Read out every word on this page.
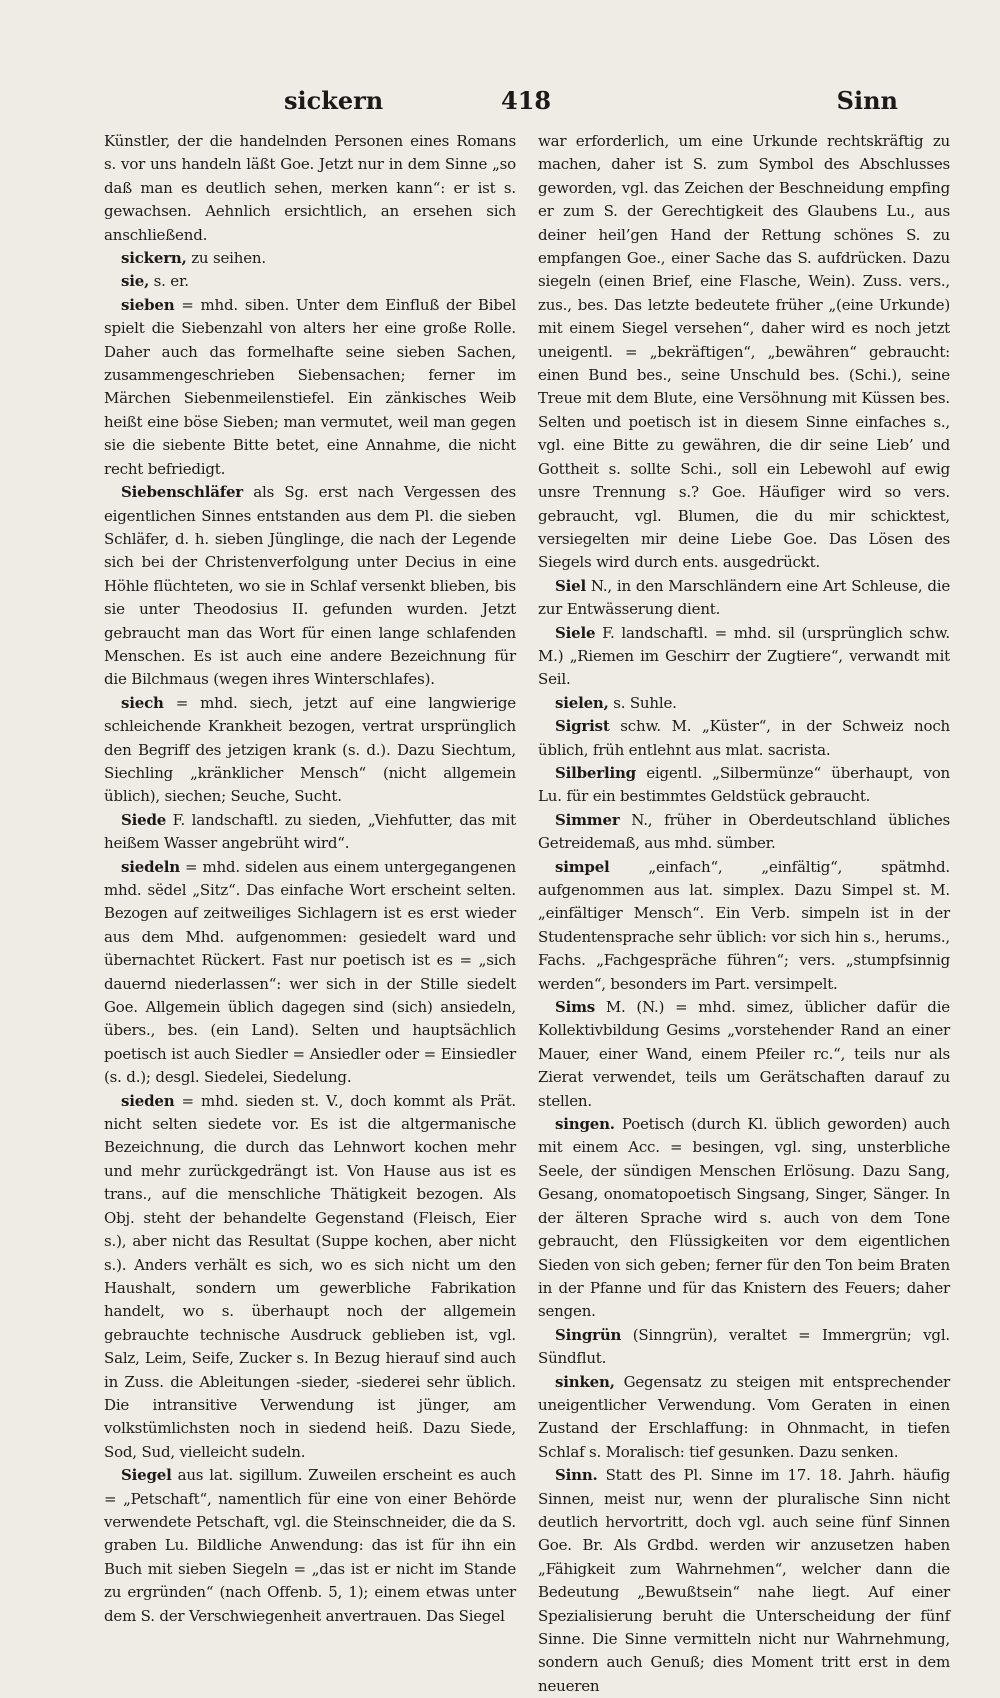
sickern	418	Sinn

Künstler, der die handelnden Personen eines Romans s. vor uns handeln läßt Goe. Jetzt nur in dem Sinne „so daß man es deutlich sehen, merken kann“: er ist s. gewachsen. Aehnlich ersichtlich, an ersehen sich anschließend.

sickern, zu seihen.

sie, s. er.

sieben = mhd. siben. Unter dem Einfluß der Bibel spielt die Siebenzahl von alters her eine große Rolle. Daher auch das formelhafte seine sieben Sachen, zusammengeschrieben Siebensachen; ferner im Märchen Siebenmeilenstiefel. Ein zänkisches Weib heißt eine böse Sieben; man vermutet, weil man gegen sie die siebente Bitte betet, eine Annahme, die nicht recht befriedigt.

Siebenschläfer als Sg. erst nach Vergessen des eigentlichen Sinnes entstanden aus dem Pl. die sieben Schläfer, d. h. sieben Jünglinge, die nach der Legende sich bei der Christenverfolgung unter Decius in eine Höhle flüchteten, wo sie in Schlaf versenkt blieben, bis sie unter Theodosius II. gefunden wurden. Jetzt gebraucht man das Wort für einen lange schlafenden Menschen. Es ist auch eine andere Bezeichnung für die Bilchmaus (wegen ihres Winterschlafes).

siech = mhd. siech, jetzt auf eine langwierige schleichende Krankheit bezogen, vertrat ursprünglich den Begriff des jetzigen krank (s. d.). Dazu Siechtum, Siechling „kränklicher Mensch“ (nicht allgemein üblich), siechen; Seuche, Sucht.

Siede F. landschaftl. zu sieden, „Viehfutter, das mit heißem Wasser angebrüht wird“.

siedeln = mhd. sidelen aus einem untergegangenen mhd. sëdel „Sitz“. Das einfache Wort erscheint selten. Bezogen auf zeitweiliges Sichlagern ist es erst wieder aus dem Mhd. aufgenommen: gesiedelt ward und übernachtet Rückert. Fast nur poetisch ist es = „sich dauernd niederlassen“: wer sich in der Stille siedelt Goe. Allgemein üblich dagegen sind (sich) ansiedeln, übers., bes. (ein Land). Selten und hauptsächlich poetisch ist auch Siedler = Ansiedler oder = Einsiedler (s. d.); desgl. Siedelei, Siedelung.

sieden = mhd. sieden st. V., doch kommt als Prät. nicht selten siedete vor. Es ist die altgermanische Bezeichnung, die durch das Lehnwort kochen mehr und mehr zurückgedrängt ist. Von Hause aus ist es trans., auf die menschliche Thätigkeit bezogen. Als Obj. steht der behandelte Gegenstand (Fleisch, Eier s.), aber nicht das Resultat (Suppe kochen, aber nicht s.). Anders verhält es sich, wo es sich nicht um den Haushalt, sondern um gewerbliche Fabrikation handelt, wo s. überhaupt noch der allgemein gebrauchte technische Ausdruck geblieben ist, vgl. Salz, Leim, Seife, Zucker s. In Bezug hierauf sind auch in Zuss. die Ableitungen -sieder, -siederei sehr üblich. Die intransitive Verwendung ist jünger, am volkstümlichsten noch in siedend heiß. Dazu Siede, Sod, Sud, vielleicht sudeln.

Siegel aus lat. sigillum. Zuweilen erscheint es auch = „Petschaft“, namentlich für eine von einer Behörde verwendete Petschaft, vgl. die Steinschneider, die da S. graben Lu. Bildliche Anwendung: das ist für ihn ein Buch mit sieben Siegeln = „das ist er nicht im Stande zu ergründen“ (nach Offenb. 5, 1); einem etwas unter dem S. der Verschwiegenheit anvertrauen. Das Siegel

war erforderlich, um eine Urkunde rechtskräftig zu machen, daher ist S. zum Symbol des Abschlusses geworden, vgl. das Zeichen der Beschneidung empfing er zum S. der Gerechtigkeit des Glaubens Lu., aus deiner heil’gen Hand der Rettung schönes S. zu empfangen Goe., einer Sache das S. aufdrücken. Dazu siegeln (einen Brief, eine Flasche, Wein). Zuss. vers., zus., bes. Das letzte bedeutete früher „(eine Urkunde) mit einem Siegel versehen“, daher wird es noch jetzt uneigentl. = „bekräftigen“, „bewähren“ gebraucht: einen Bund bes., seine Unschuld bes. (Schi.), seine Treue mit dem Blute, eine Versöhnung mit Küssen bes. Selten und poetisch ist in diesem Sinne einfaches s., vgl. eine Bitte zu gewähren, die dir seine Lieb’ und Gottheit s. sollte Schi., soll ein Lebewohl auf ewig unsre Trennung s.? Goe. Häufiger wird so vers. gebraucht, vgl. Blumen, die du mir schicktest, versiegelten mir deine Liebe Goe. Das Lösen des Siegels wird durch ents. ausgedrückt.

Siel N., in den Marschländern eine Art Schleuse, die zur Entwässerung dient.

Siele F. landschaftl. = mhd. sil (ursprünglich schw. M.) „Riemen im Geschirr der Zugtiere“, verwandt mit Seil.

sielen, s. Suhle.

Sigrist schw. M. „Küster“, in der Schweiz noch üblich, früh entlehnt aus mlat. sacrista.

Silberling eigentl. „Silbermünze“ überhaupt, von Lu. für ein bestimmtes Geldstück gebraucht.

Simmer N., früher in Oberdeutschland übliches Getreidemaß, aus mhd. sümber.

simpel „einfach“, „einfältig“, spätmhd. aufgenommen aus lat. simplex. Dazu Simpel st. M. „einfältiger Mensch“. Ein Verb. simpeln ist in der Studentensprache sehr üblich: vor sich hin s., herums., Fachs. „Fachgespräche führen“; vers. „stumpfsinnig werden“, besonders im Part. versimpelt.

Sims M. (N.) = mhd. simez, üblicher dafür die Kollektivbildung Gesims „vorstehender Rand an einer Mauer, einer Wand, einem Pfeiler rc.“, teils nur als Zierat verwendet, teils um Gerätschaften darauf zu stellen.

singen. Poetisch (durch Kl. üblich geworden) auch mit einem Acc. = besingen, vgl. sing, unsterbliche Seele, der sündigen Menschen Erlösung. Dazu Sang, Gesang, onomatopoetisch Singsang, Singer, Sänger. In der älteren Sprache wird s. auch von dem Tone gebraucht, den Flüssigkeiten vor dem eigentlichen Sieden von sich geben; ferner für den Ton beim Braten in der Pfanne und für das Knistern des Feuers; daher sengen.

Singrün (Sinngrün), veraltet = Immergrün; vgl. Sündflut.

sinken, Gegensatz zu steigen mit entsprechender uneigentlicher Verwendung. Vom Geraten in einen Zustand der Erschlaffung: in Ohnmacht, in tiefen Schlaf s. Moralisch: tief gesunken. Dazu senken.

Sinn. Statt des Pl. Sinne im 17. 18. Jahrh. häufig Sinnen, meist nur, wenn der pluralische Sinn nicht deutlich hervortritt, doch vgl. auch seine fünf Sinnen Goe. Br. Als Grdbd. werden wir anzusetzen haben „Fähigkeit zum Wahrnehmen“, welcher dann die Bedeutung „Bewußtsein“ nahe liegt. Auf einer Spezialisierung beruht die Unterscheidung der fünf Sinne. Die Sinne vermitteln nicht nur Wahrnehmung, sondern auch Genuß; dies Moment tritt erst in dem neueren
